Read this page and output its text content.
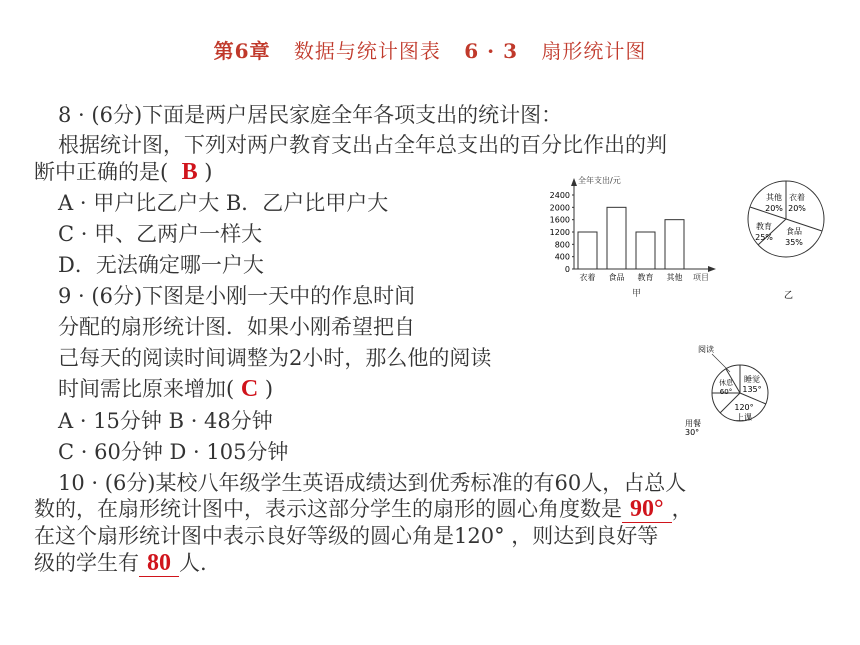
第6章 数据与统计图表 6 · 3 扇形统计图
8 · (6分)下面是两户居民家庭全年各项支出的统计图：
根据统计图，下列对两户教育支出占全年总支出的百分比作出的判
断中正确的是( B )
A · 甲户比乙户大 B．乙户比甲户大
C · 甲、乙两户一样大
D．无法确定哪一户大
9 · (6分)下图是小刚一天中的作息时间
分配的扇形统计图．如果小刚希望把自
己每天的阅读时间调整为2小时，那么他的阅读
时间需比原来增加( C )
A · 15分钟 B · 48分钟
C · 60分钟 D · 105分钟
10 · (6分)某校八年级学生英语成绩达到优秀标准的有60人，占总人
数的，在扇形统计图中，表示这部分学生的扇形的圆心角度数是 90° ，
在这个扇形统计图中表示良好等级的圆心角是120° ，则达到良好等
级的学生有 80 人.
全年支出/元
项目
甲
0
400
800
1200
1600
2000
2400
衣着 食品 教育 其他
其他
20%
衣着
20%
食品
35%
教育
25%
乙
阅读
休息
60°
睡觉
135°
120°
上课
用餐
30°
